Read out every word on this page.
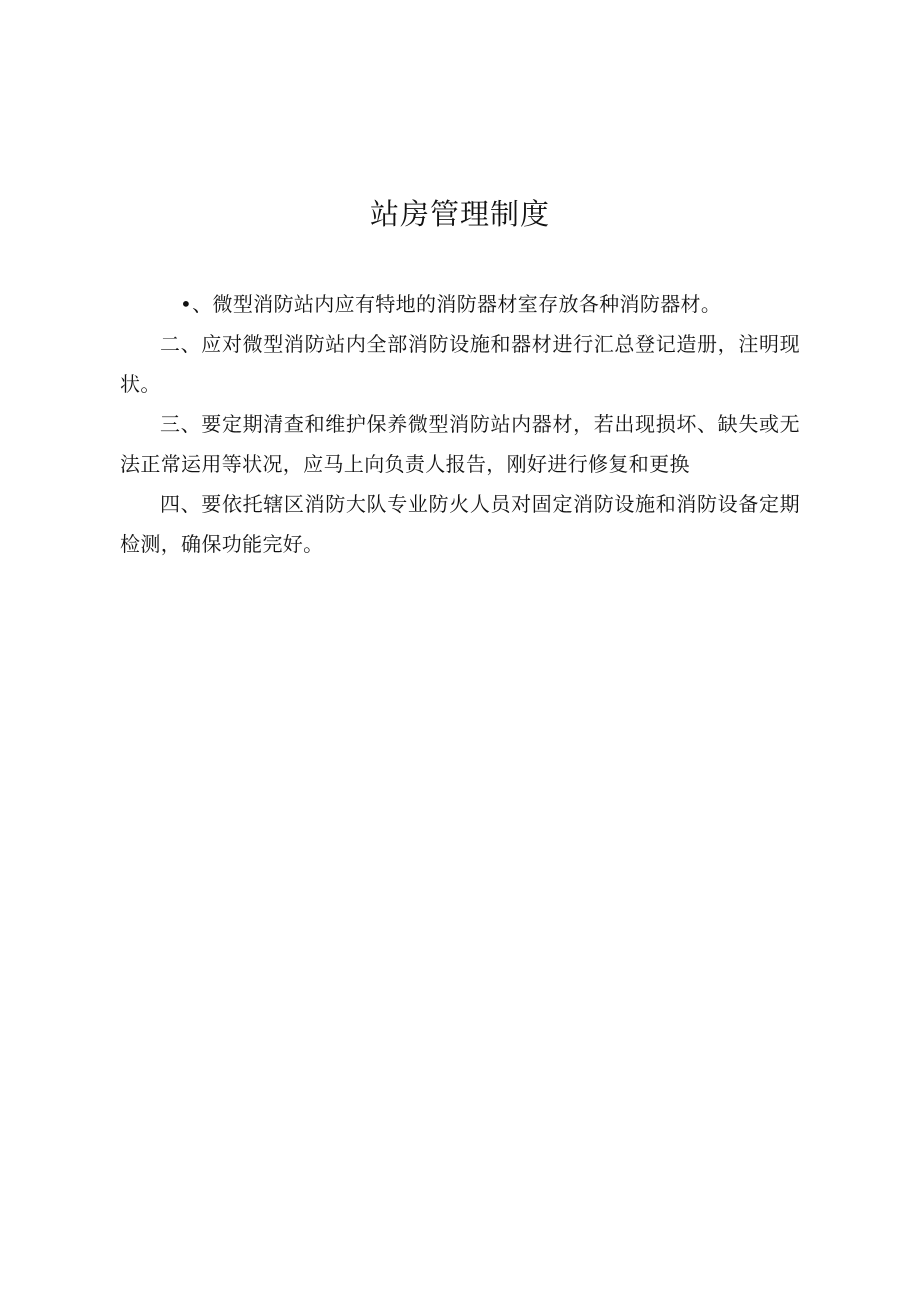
站房管理制度

•、微型消防站内应有特地的消防器材室存放各种消防器材。

二、应对微型消防站内全部消防设施和器材进行汇总登记造册，注明现状。

三、要定期清查和维护保养微型消防站内器材，若出现损坏、缺失或无法正常运用等状况，应马上向负责人报告，刚好进行修复和更换

四、要依托辖区消防大队专业防火人员对固定消防设施和消防设备定期检测，确保功能完好。
